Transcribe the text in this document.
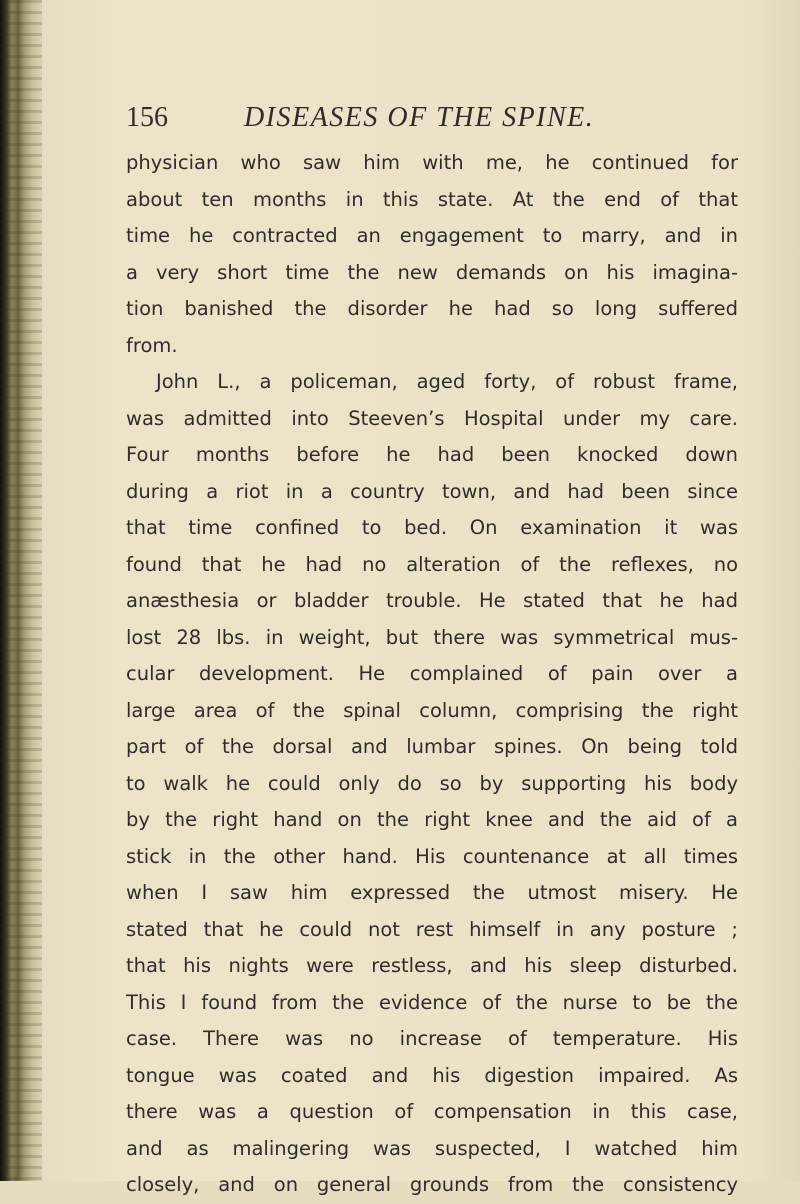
156	DISEASES OF THE SPINE.
physician who saw him with me, he continued for
about ten months in this state. At the end of that
time he contracted an engagement to marry, and in
a very short time the new demands on his imagina-
tion banished the disorder he had so long suffered
from.
John L., a policeman, aged forty, of robust frame,
was admitted into Steeven’s Hospital under my care.
Four months before he had been knocked down
during a riot in a country town, and had been since
that time confined to bed. On examination it was
found that he had no alteration of the reflexes, no
anæsthesia or bladder trouble. He stated that he had
lost 28 lbs. in weight, but there was symmetrical mus-
cular development. He complained of pain over a
large area of the spinal column, comprising the right
part of the dorsal and lumbar spines. On being told
to walk he could only do so by supporting his body
by the right hand on the right knee and the aid of a
stick in the other hand. His countenance at all times
when I saw him expressed the utmost misery. He
stated that he could not rest himself in any posture ;
that his nights were restless, and his sleep disturbed.
This I found from the evidence of the nurse to be the
case. There was no increase of temperature. His
tongue was coated and his digestion impaired. As
there was a question of compensation in this case,
and as malingering was suspected, I watched him
closely, and on general grounds from the consistency
